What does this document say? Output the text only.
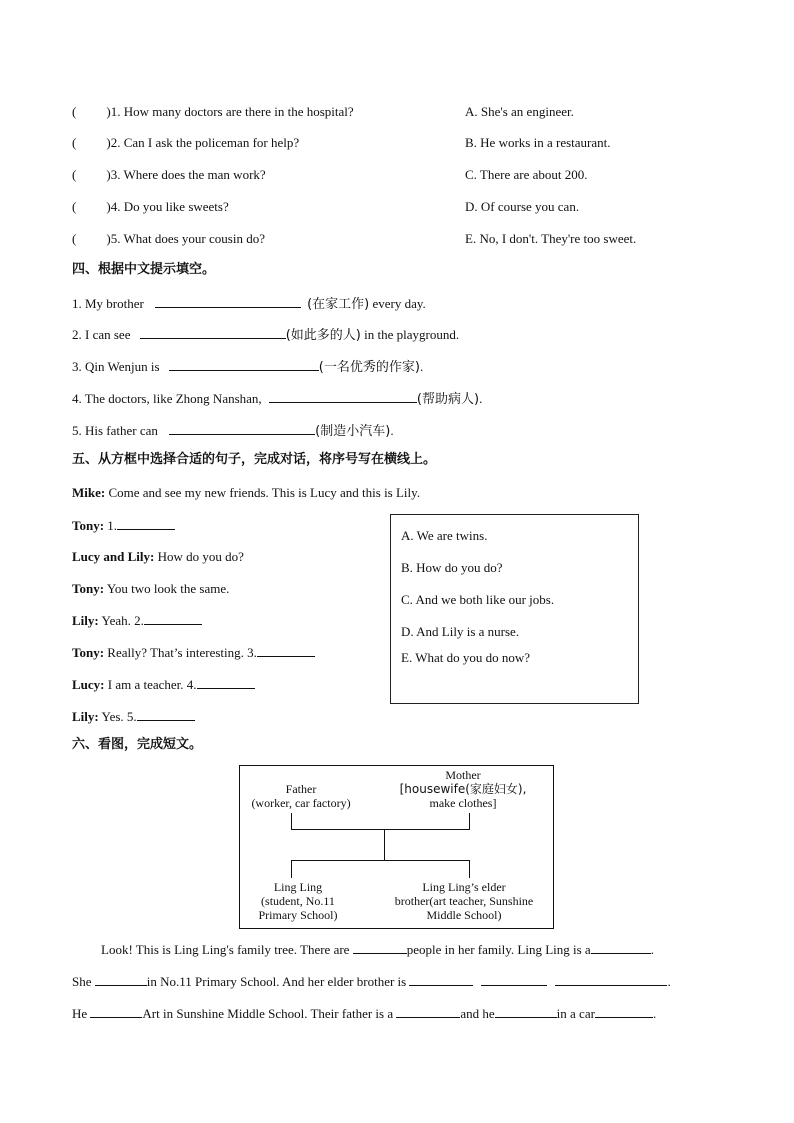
( )1. How many doctors are there in the hospital?
( )2. Can I ask the policeman for help?
( )3. Where does the man work?
( )4. Do you like sweets?
( )5. What does your cousin do?
A. She's an engineer.
B. He works in a restaurant.
C. There are about 200.
D. Of course you can.
E. No, I don't. They're too sweet.
四、根据中文提示填空。
1. My brother	(在家工作) every day.
2. I can see	(如此多的人) in the playground.
3. Qin Wenjun is	(一名优秀的作家).
4. The doctors, like Zhong Nanshan,	(帮助病人).
5. His father can	(制造小汽车).
五、从方框中选择合适的句子，完成对话，将序号写在横线上。
Mike: Come and see my new friends. This is Lucy and this is Lily.
Tony: 1.
Lucy and Lily: How do you do?
Tony: You two look the same.
Lily: Yeah. 2.
Tony: Really? That’s interesting. 3.
Lucy: I am a teacher. 4.
Lily: Yes. 5.
A. We are twins.
B. How do you do?
C. And we both like our jobs.
D. And Lily is a nurse.
E. What do you do now?
六、看图，完成短文。
Father
(worker, car factory)
Mother
[housewife(家庭妇女),
make clothes]
Ling Ling
(student, No.11
Primary School)
Ling Ling’s elder
brother(art teacher, Sunshine
Middle School)
Look! This is Ling Ling's family tree. There are	people in her family. Ling Ling is a	.
She	in No.11 Primary School. And her elder brother is	.
He	Art in Sunshine Middle School. Their father is a	and he	in a car	.
